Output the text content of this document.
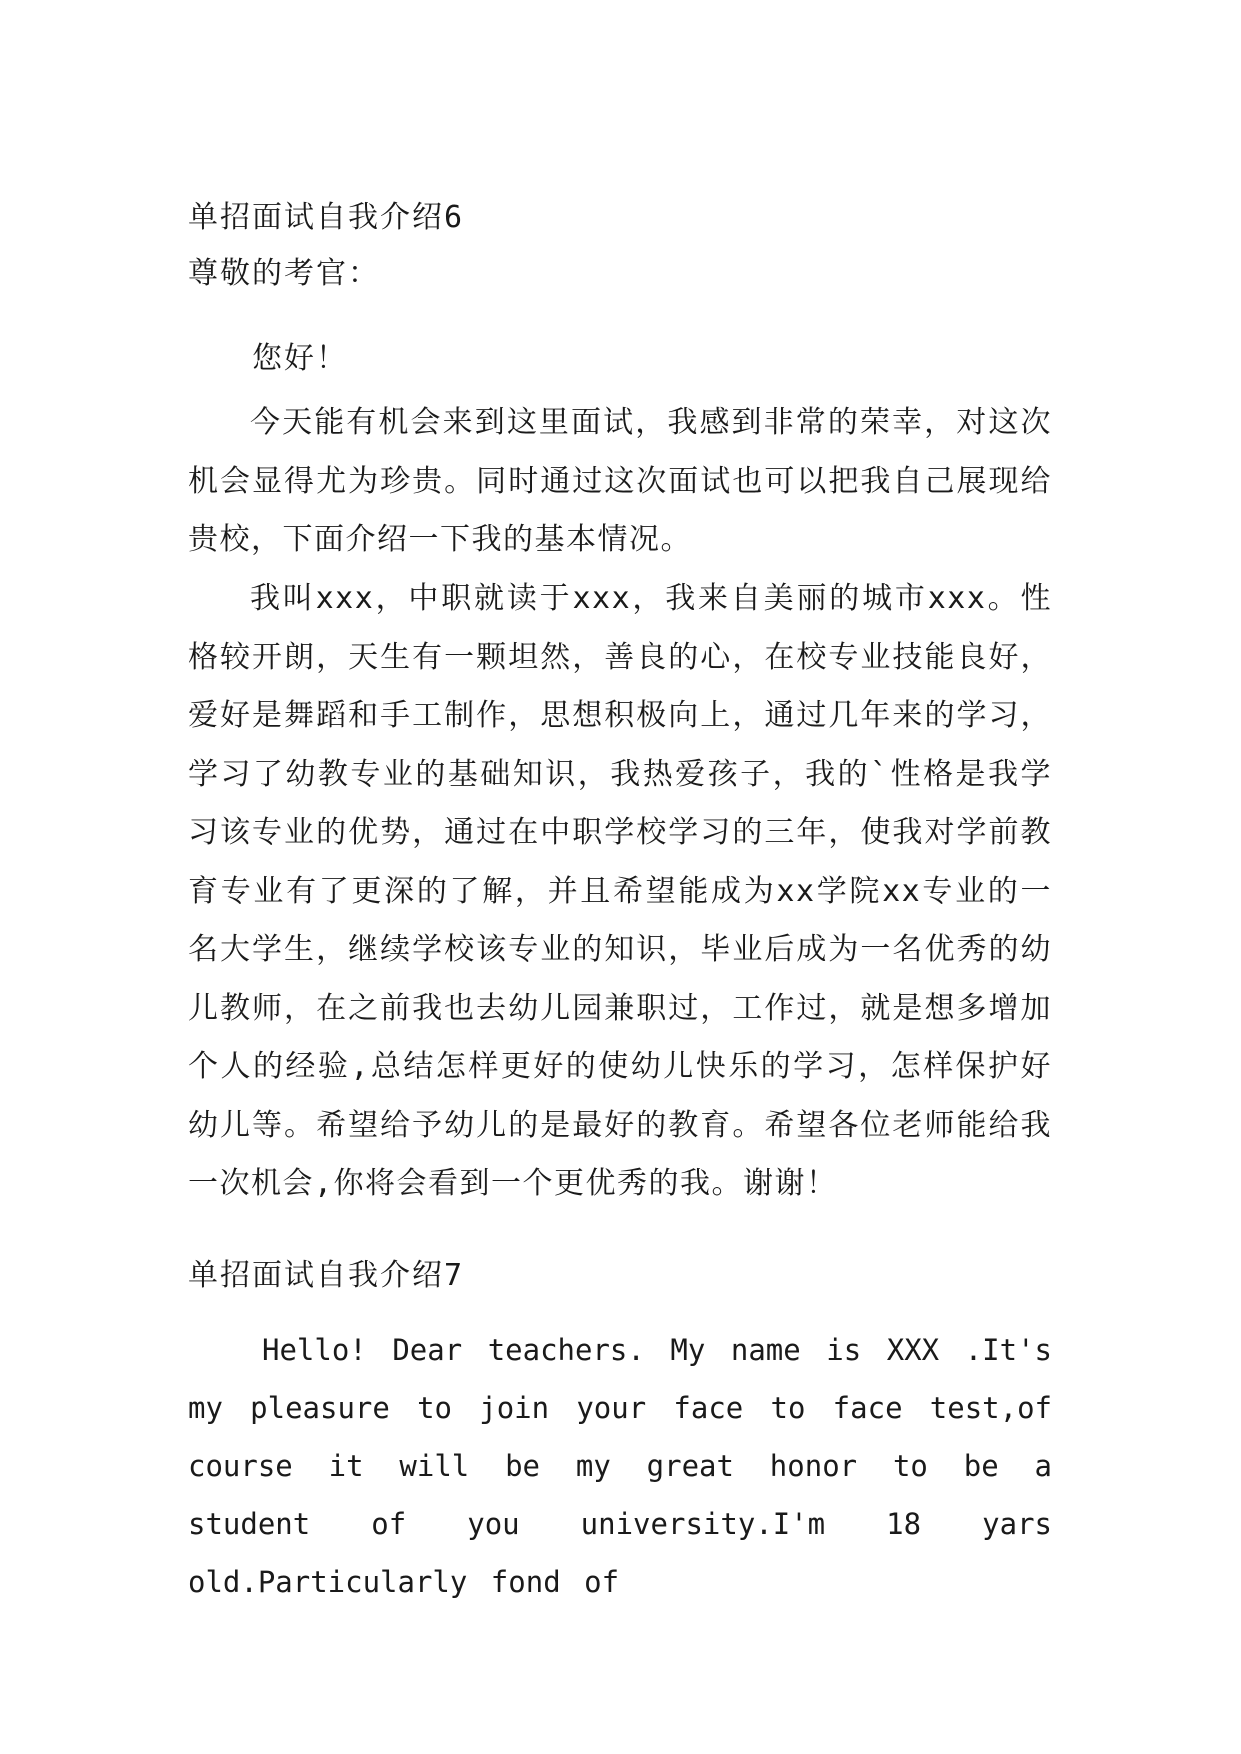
单招面试自我介绍6
尊敬的考官：
您好！

今天能有机会来到这里面试，我感到非常的荣幸，对这次机会显得尤为珍贵。同时通过这次面试也可以把我自己展现给贵校，下面介绍一下我的基本情况。

我叫xxx，中职就读于xxx，我来自美丽的城市xxx。性格较开朗，天生有一颗坦然，善良的心，在校专业技能良好，爱好是舞蹈和手工制作，思想积极向上，通过几年来的学习，学习了幼教专业的基础知识，我热爱孩子，我的`性格是我学习该专业的优势，通过在中职学校学习的三年，使我对学前教育专业有了更深的了解，并且希望能成为xx学院xx专业的一名大学生，继续学校该专业的知识，毕业后成为一名优秀的幼儿教师，在之前我也去幼儿园兼职过，工作过，就是想多增加个人的经验,总结怎样更好的使幼儿快乐的学习，怎样保护好幼儿等。希望给予幼儿的是最好的教育。希望各位老师能给我一次机会,你将会看到一个更优秀的我。谢谢！

单招面试自我介绍7

Hello! Dear teachers. My name is XXX .It's my pleasure to join your face to face test,of course it will be my great honor to be a student of you university.I'm 18 yars old.Particularly fond of
